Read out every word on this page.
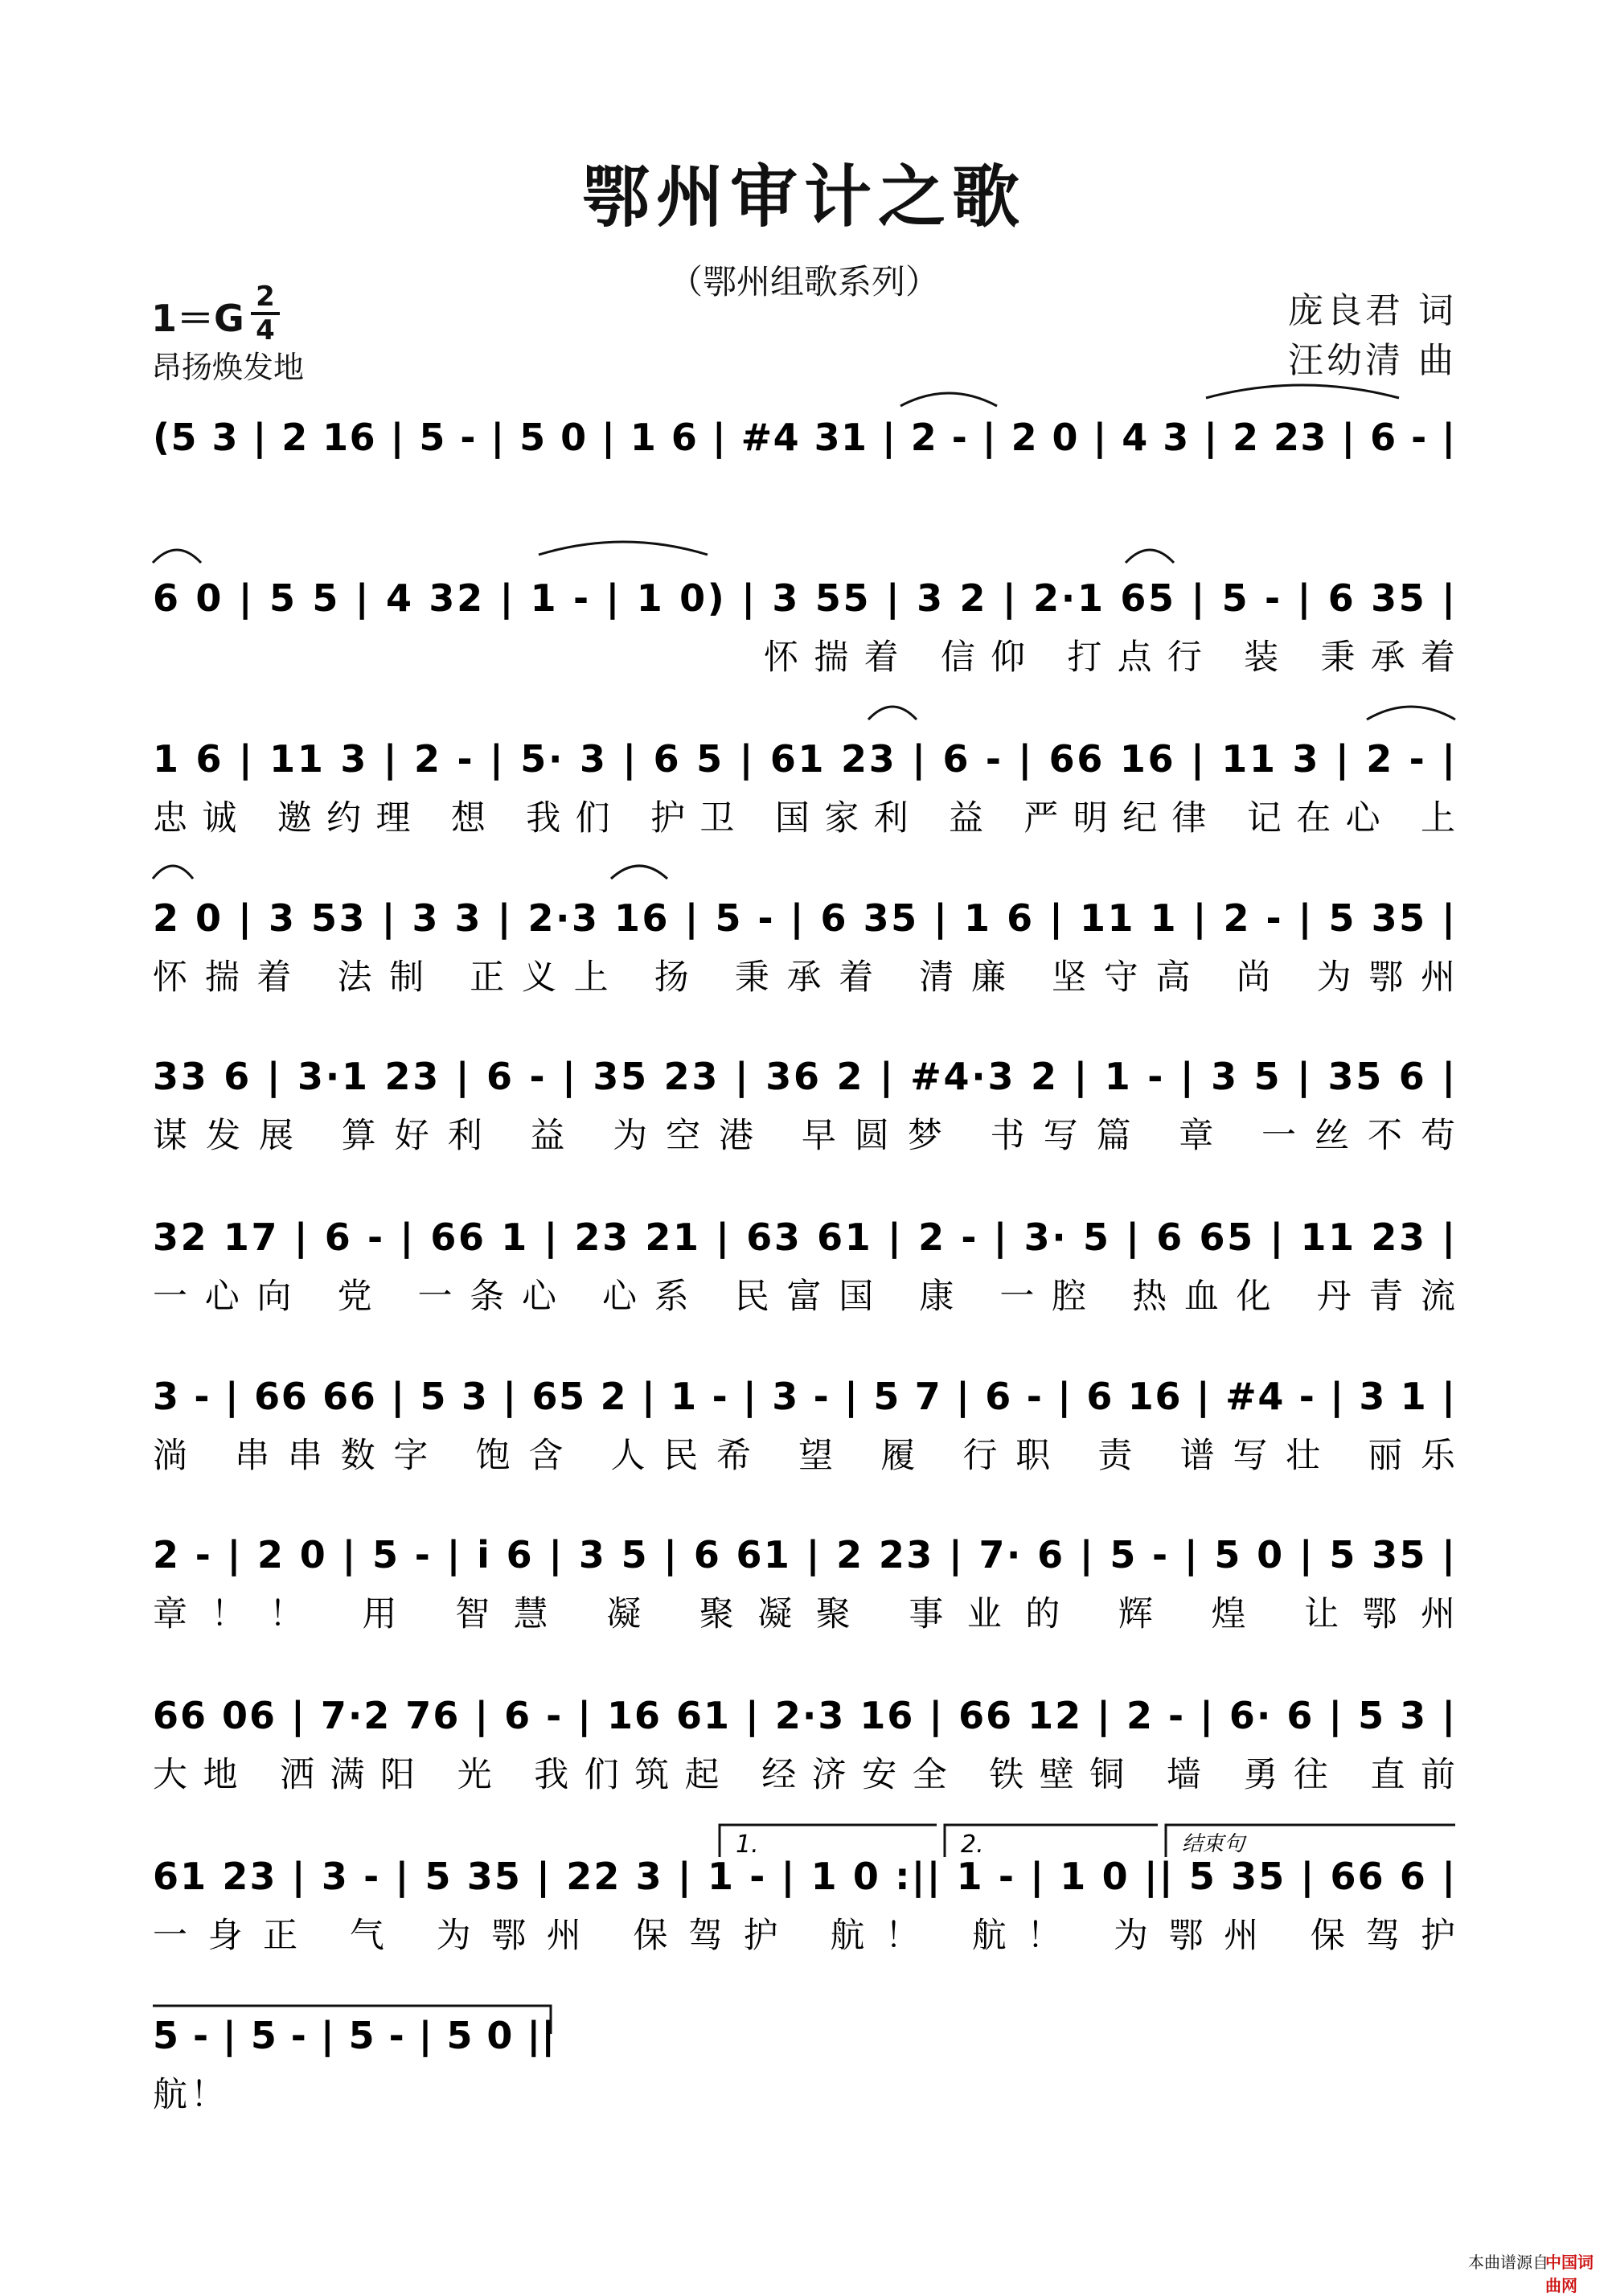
鄂州审计之歌
（鄂州组歌系列）
庞良君 词
汪幼清 曲
1＝G 2
4
昂扬焕发地
1.	2.	结束句
(5 3 | 2 16 | 5 - | 5 0 | 1 6 | #4 31 | 2 - | 2 0 | 4 3 | 2 23 | 6 - |
6 0 | 5 5 | 4 32 | 1 - | 1 0) | 3 55 | 3 2 | 2·1 65 | 5 - | 6 35 |
怀揣着 信仰 打点行 装 秉承着
1 6 | 11 3 | 2 - | 5· 3 | 6 5 | 61 23 | 6 - | 66 16 | 11 3 | 2 - |
忠诚 邀约理 想 我们 护卫 国家利 益 严明纪律 记在心 上
2 0 | 3 53 | 3 3 | 2·3 16 | 5 - | 6 35 | 1 6 | 11 1 | 2 - | 5 35 |
怀揣着 法制 正义上 扬 秉承着 清廉 坚守高 尚 为鄂州
33 6 | 3·1 23 | 6 - | 35 23 | 36 2 | #4·3 2 | 1 - | 3 5 | 35 6 |
谋发展 算好利 益 为空港 早圆梦 书写篇 章 一丝不苟
32 17 | 6 - | 66 1 | 23 21 | 63 61 | 2 - | 3· 5 | 6 65 | 11 23 |
一心向 党 一条心 心系 民富国 康 一腔 热血化 丹青流
3 - | 66 66 | 5 3 | 65 2 | 1 - | 3 - | 5 7 | 6 - | 6 16 | #4 - | 3 1 |
淌 串串数字 饱含 人民希 望 履 行职 责 谱写壮 丽乐
2 - | 2 0 | 5 - | i 6 | 3 5 | 6 61 | 2 23 | 7· 6 | 5 - | 5 0 | 5 35 |
章！！ 用 智慧 凝 聚凝聚 事业的 辉 煌 让鄂州
66 06 | 7·2 76 | 6 - | 16 61 | 2·3 16 | 66 12 | 2 - | 6· 6 | 5 3 |
大地 洒满阳 光 我们筑起 经济安全 铁壁铜 墙 勇往 直前
61 23 | 3 - | 5 35 | 22 3 | 1 - | 1 0 :|| 1 - | 1 0 || 5 35 | 66 6 |
一身正 气 为鄂州 保驾护 航！ 航！ 为鄂州 保驾护
5 - | 5 - | 5 - | 5 0 ||
航！
本曲谱源自
中国词曲网
